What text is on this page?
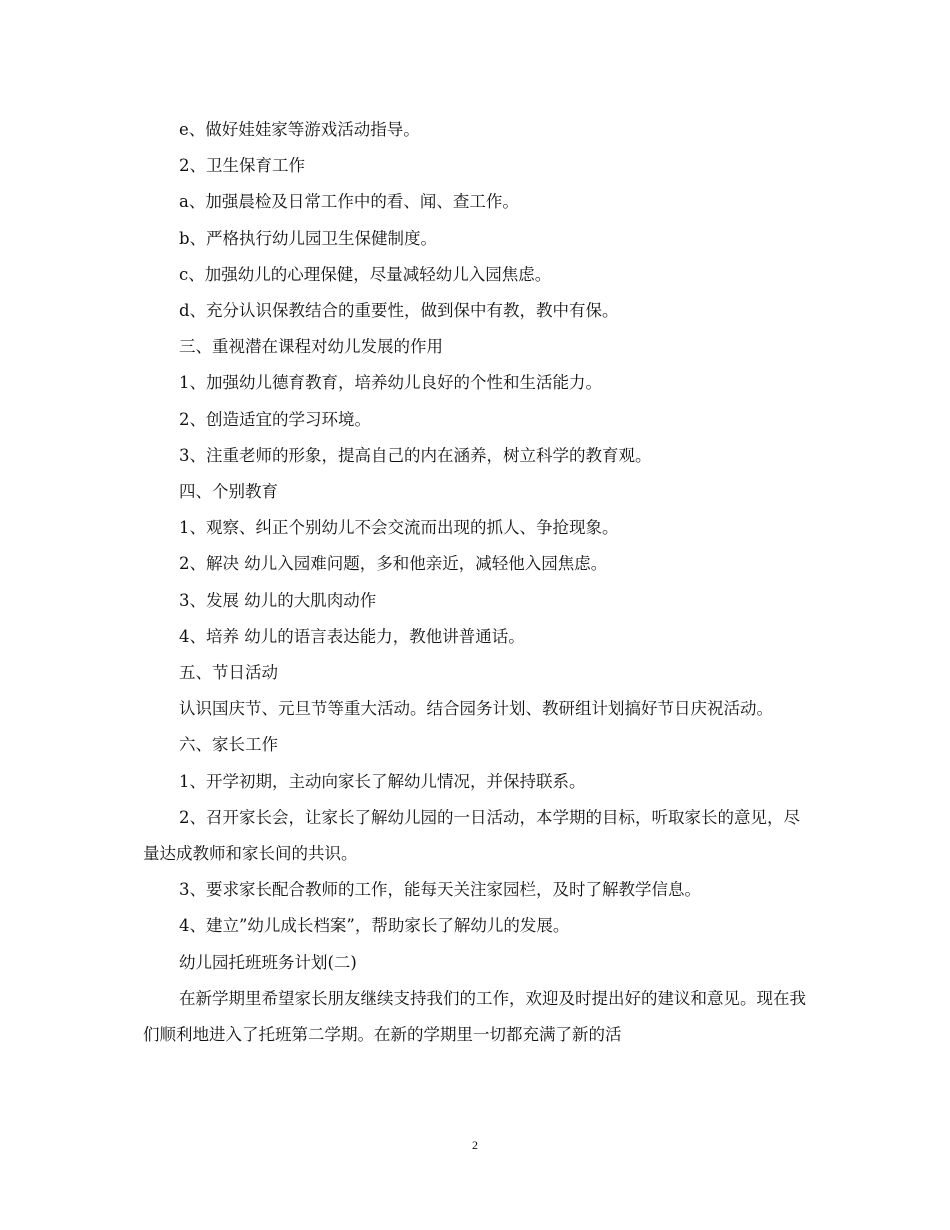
e、做好娃娃家等游戏活动指导。

2、卫生保育工作

a、加强晨检及日常工作中的看、闻、查工作。

b、严格执行幼儿园卫生保健制度。

c、加强幼儿的心理保健，尽量减轻幼儿入园焦虑。

d、充分认识保教结合的重要性，做到保中有教，教中有保。

三、重视潜在课程对幼儿发展的作用

1、加强幼儿德育教育，培养幼儿良好的个性和生活能力。

2、创造适宜的学习环境。

3、注重老师的形象，提高自己的内在涵养，树立科学的教育观。

四、个别教育

1、观察、纠正个别幼儿不会交流而出现的抓人、争抢现象。

2、解决 幼儿入园难问题，多和他亲近，减轻他入园焦虑。

3、发展 幼儿的大肌肉动作

4、培养 幼儿的语言表达能力，教他讲普通话。

五、节日活动

认识国庆节、元旦节等重大活动。结合园务计划、教研组计划搞好节日庆祝活动。

六、家长工作

1、开学初期，主动向家长了解幼儿情况，并保持联系。

2、召开家长会，让家长了解幼儿园的一日活动，本学期的目标，听取家长的意见，尽量达成教师和家长间的共识。

3、要求家长配合教师的工作，能每天关注家园栏，及时了解教学信息。

4、建立”幼儿成长档案”，帮助家长了解幼儿的发展。

幼儿园托班班务计划(二)

在新学期里希望家长朋友继续支持我们的工作，欢迎及时提出好的建议和意见。现在我们顺利地进入了托班第二学期。在新的学期里一切都充满了新的活

2
